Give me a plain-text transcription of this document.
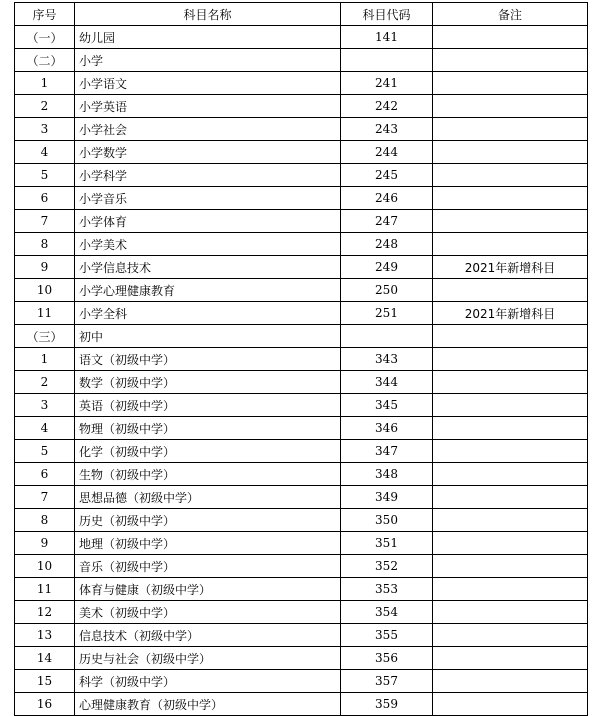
序号	科目名称	科目代码	备注
（一）	幼儿园	141	
（二）	小学		
1	小学语文	241	
2	小学英语	242	
3	小学社会	243	
4	小学数学	244	
5	小学科学	245	
6	小学音乐	246	
7	小学体育	247	
8	小学美术	248	
9	小学信息技术	249	2021年新增科目
10	小学心理健康教育	250	
11	小学全科	251	2021年新增科目
（三）	初中		
1	语文（初级中学）	343	
2	数学（初级中学）	344	
3	英语（初级中学）	345	
4	物理（初级中学）	346	
5	化学（初级中学）	347	
6	生物（初级中学）	348	
7	思想品德（初级中学）	349	
8	历史（初级中学）	350	
9	地理（初级中学）	351	
10	音乐（初级中学）	352	
11	体育与健康（初级中学）	353	
12	美术（初级中学）	354	
13	信息技术（初级中学）	355	
14	历史与社会（初级中学）	356	
15	科学（初级中学）	357	
16	心理健康教育（初级中学）	359	
